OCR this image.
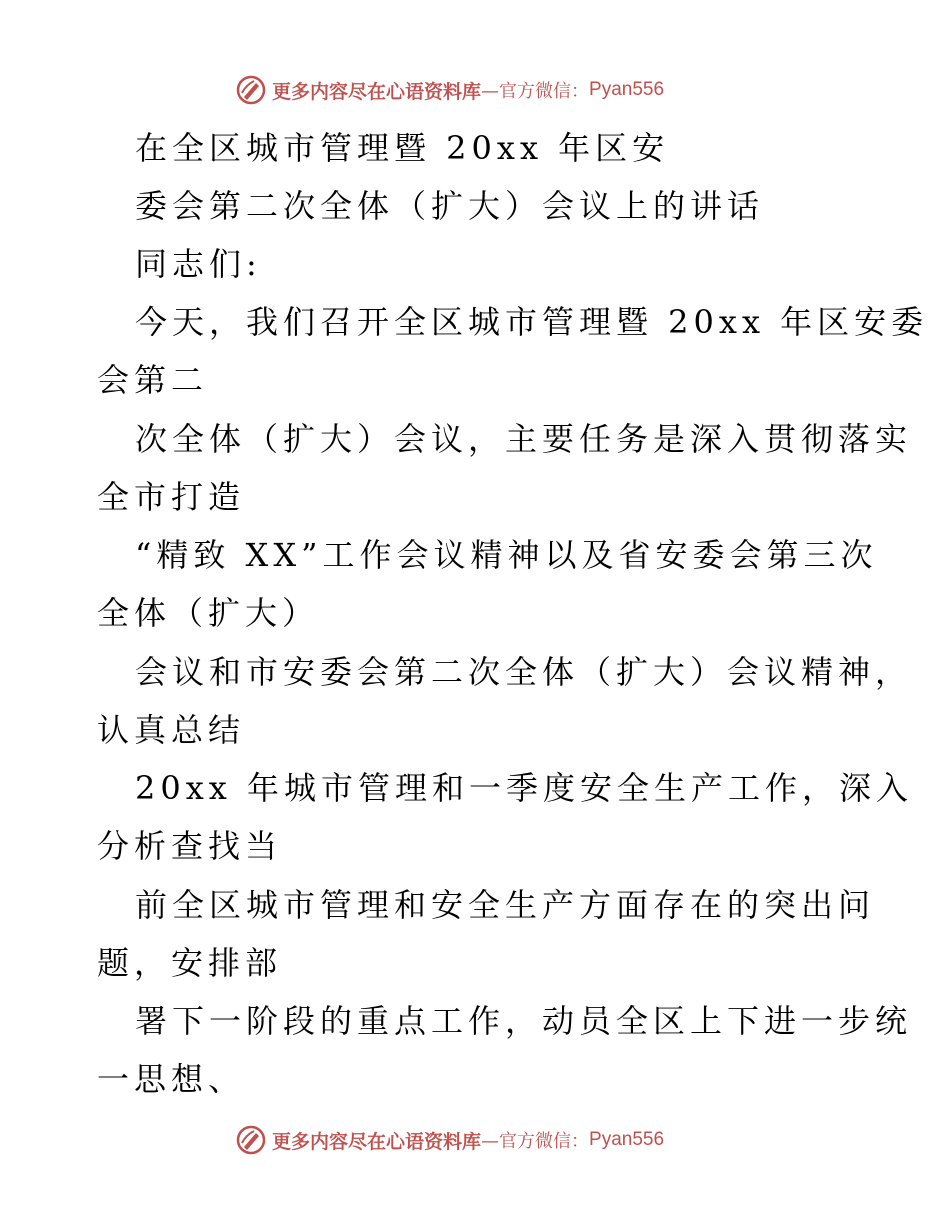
更多内容尽在心语资料库 —官方微信： Pyan556
在全区城市管理暨 20xx 年区安
委会第二次全体（扩大）会议上的讲话
同志们:
今天，我们召开全区城市管理暨 20xx 年区安委
会第二
次全体（扩大）会议，主要任务是深入贯彻落实
全市打造
“精致 XX”工作会议精神以及省安委会第三次
全体（扩大）
会议和市安委会第二次全体（扩大）会议精神，
认真总结
20xx 年城市管理和一季度安全生产工作，深入
分析查找当
前全区城市管理和安全生产方面存在的突出问
题，安排部
署下一阶段的重点工作，动员全区上下进一步统
一思想、
更多内容尽在心语资料库 —官方微信： Pyan556
